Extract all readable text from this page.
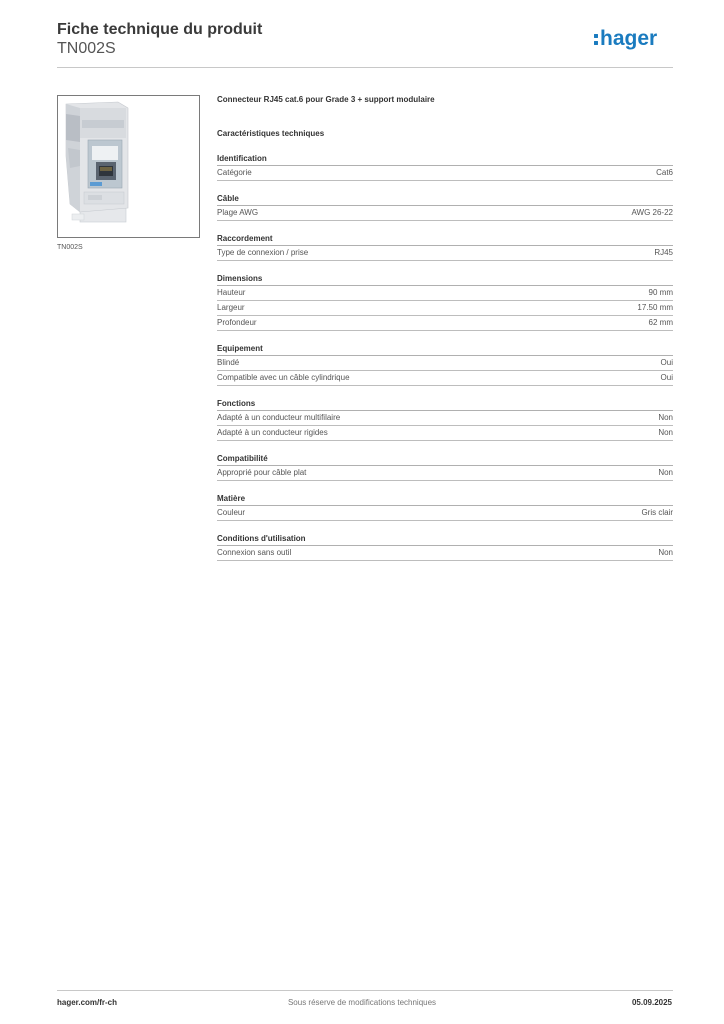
Fiche technique du produit
TN002S	hager
TN002S
Connecteur RJ45 cat.6 pour Grade 3 + support modulaire
Caractéristiques techniques
Identification
Catégorie	Cat6
Câble
Plage AWG	AWG 26-22
Raccordement
Type de connexion / prise	RJ45
Dimensions
Hauteur	90 mm
Largeur	17.50 mm
Profondeur	62 mm
Equipement
Blindé	Oui
Compatible avec un câble cylindrique	Oui
Fonctions
Adapté à un conducteur multifilaire	Non
Adapté à un conducteur rigides	Non
Compatibilité
Approprié pour câble plat	Non
Matière
Couleur	Gris clair
Conditions d'utilisation
Connexion sans outil	Non
hager.com/fr-ch	Sous réserve de modifications techniques	05.09.2025
